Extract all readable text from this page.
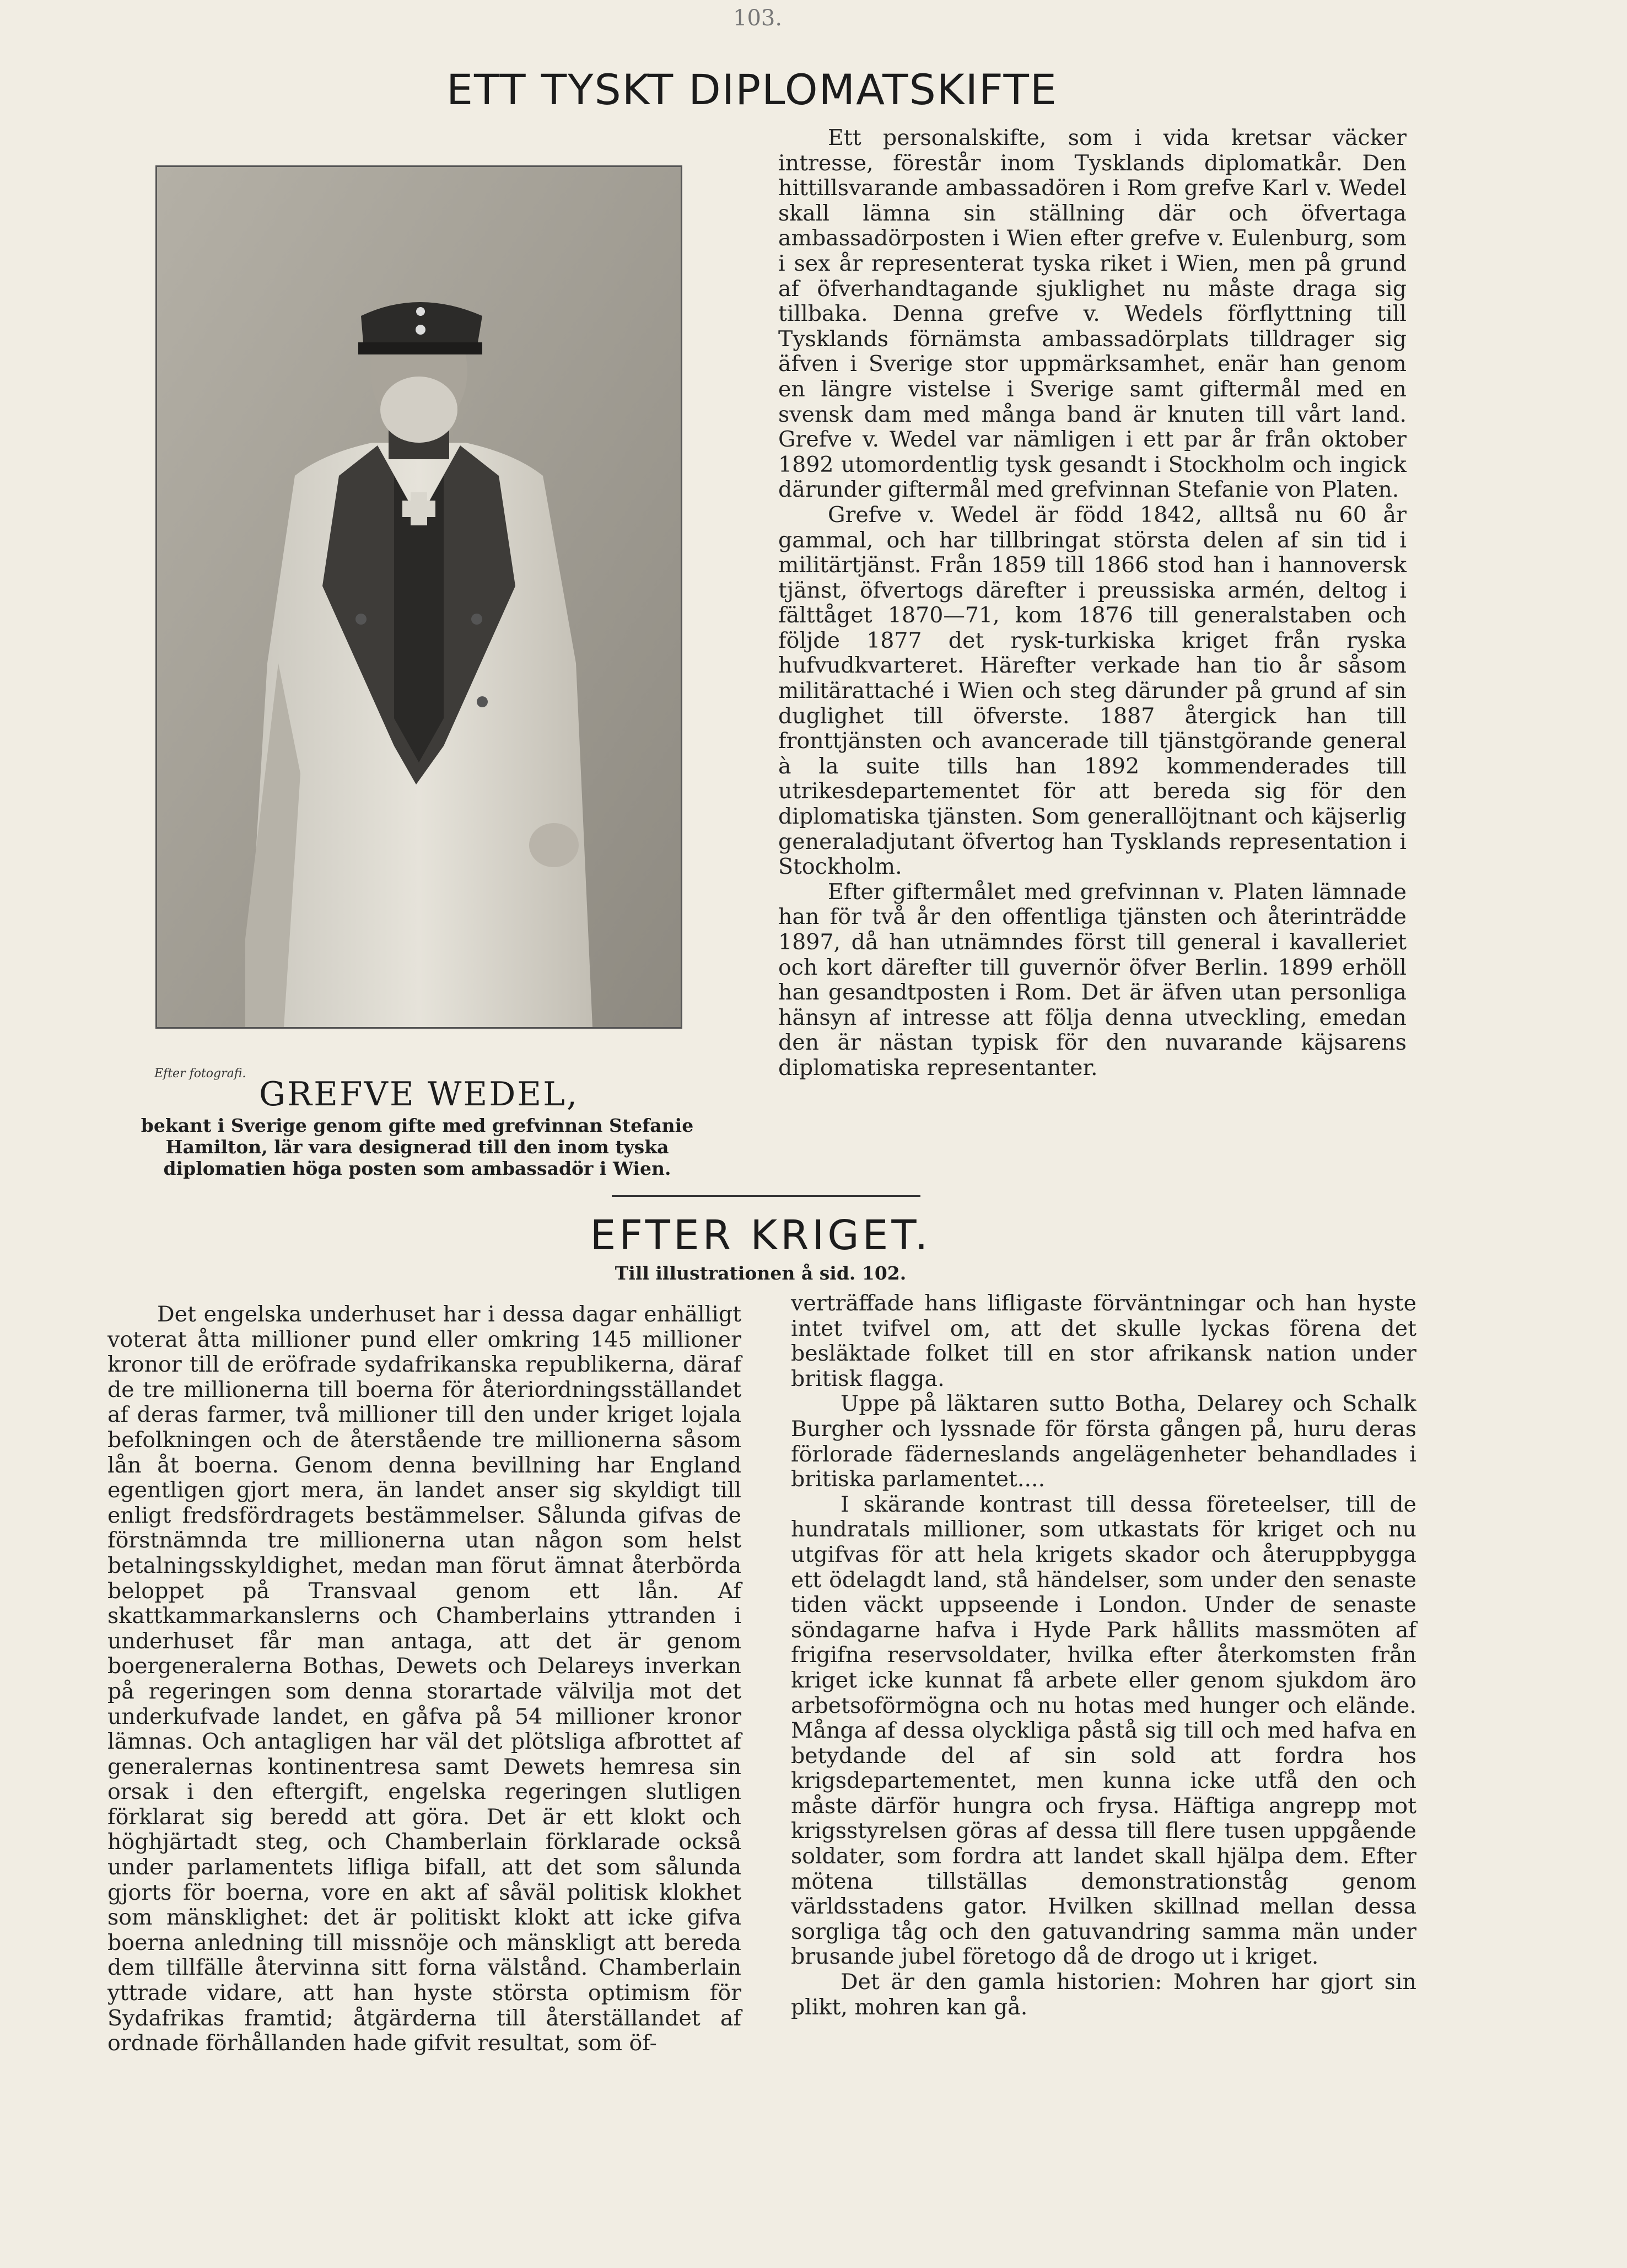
103.
ETT TYSKT DIPLOMATSKIFTE
Efter fotografi.
GREFVE WEDEL,
bekant i Sverige genom gifte med grefvinnan Stefanie Hamilton, lär vara designerad till den inom tyska diplomatien höga posten som ambassadör i Wien.

Ett personalskifte, som i vida kretsar väcker intresse, förestår inom Tysklands diplomatkår. Den hittillsvarande ambassadören i Rom grefve Karl v. Wedel skall lämna sin ställning där och öfvertaga ambassadörposten i Wien efter grefve v. Eulenburg, som i sex år representerat tyska riket i Wien, men på grund af öfverhandtagande sjuklighet nu måste draga sig tillbaka. Denna grefve v. Wedels förflyttning till Tysklands förnämsta ambassadörplats tilldrager sig äfven i Sverige stor uppmärksamhet, enär han genom en längre vistelse i Sverige samt giftermål med en svensk dam med många band är knuten till vårt land. Grefve v. Wedel var nämligen i ett par år från oktober 1892 utomordentlig tysk gesandt i Stockholm och ingick därunder giftermål med grefvinnan Stefanie von Platen.

Grefve v. Wedel är född 1842, alltså nu 60 år gammal, och har tillbringat största delen af sin tid i militärtjänst. Från 1859 till 1866 stod han i hannoversk tjänst, öfvertogs därefter i preussiska armén, deltog i fälttåget 1870—71, kom 1876 till generalstaben och följde 1877 det rysk-turkiska kriget från ryska hufvudkvarteret. Härefter verkade han tio år såsom militärattaché i Wien och steg därunder på grund af sin duglighet till öfverste. 1887 återgick han till fronttjänsten och avancerade till tjänstgörande general à la suite tills han 1892 kommenderades till utrikesdepartementet för att bereda sig för den diplomatiska tjänsten. Som generallöjtnant och käjserlig generaladjutant öfvertog han Tysklands representation i Stockholm.

Efter giftermålet med grefvinnan v. Platen lämnade han för två år den offentliga tjänsten och återinträdde 1897, då han utnämndes först till general i kavalleriet och kort därefter till guvernör öfver Berlin. 1899 erhöll han gesandtposten i Rom. Det är äfven utan personliga hänsyn af intresse att följa denna utveckling, emedan den är nästan typisk för den nuvarande käjsarens diplomatiska representanter.

EFTER KRIGET.
Till illustrationen å sid. 102.

Det engelska underhuset har i dessa dagar enhälligt voterat åtta millioner pund eller omkring 145 millioner kronor till de eröfrade sydafrikanska republikerna, däraf de tre millionerna till boerna för återiordningsställandet af deras farmer, två millioner till den under kriget lojala befolkningen och de återstående tre millionerna såsom lån åt boerna. Genom denna bevillning har England egentligen gjort mera, än landet anser sig skyldigt till enligt fredsfördragets bestämmelser. Sålunda gifvas de förstnämnda tre millionerna utan någon som helst betalningsskyldighet, medan man förut ämnat återbörda beloppet på Transvaal genom ett lån. Af skattkammarkanslerns och Chamberlains yttranden i underhuset får man antaga, att det är genom boergeneralerna Bothas, Dewets och Delareys inverkan på regeringen som denna storartade välvilja mot det underkufvade landet, en gåfva på 54 millioner kronor lämnas. Och antagligen har väl det plötsliga afbrottet af generalernas kontinentresa samt Dewets hemresa sin orsak i den eftergift, engelska regeringen slutligen förklarat sig beredd att göra. Det är ett klokt och höghjärtadt steg, och Chamberlain förklarade också under parlamentets lifliga bifall, att det som sålunda gjorts för boerna, vore en akt af såväl politisk klokhet som mänsklighet: det är politiskt klokt att icke gifva boerna anledning till missnöje och mänskligt att bereda dem tillfälle återvinna sitt forna välstånd. Chamberlain yttrade vidare, att han hyste största optimism för Sydafrikas framtid; åtgärderna till återställandet af ordnade förhållanden hade gifvit resultat, som öf-

verträffade hans lifligaste förväntningar och han hyste intet tvifvel om, att det skulle lyckas förena det besläktade folket till en stor afrikansk nation under britisk flagga.

Uppe på läktaren sutto Botha, Delarey och Schalk Burgher och lyssnade för första gången på, huru deras förlorade fäderneslands angelägenheter behandlades i britiska parlamentet....

I skärande kontrast till dessa företeelser, till de hundratals millioner, som utkastats för kriget och nu utgifvas för att hela krigets skador och återuppbygga ett ödelagdt land, stå händelser, som under den senaste tiden väckt uppseende i London. Under de senaste söndagarne hafva i Hyde Park hållits massmöten af frigifna reservsoldater, hvilka efter återkomsten från kriget icke kunnat få arbete eller genom sjukdom äro arbetsoförmögna och nu hotas med hunger och elände. Många af dessa olyckliga påstå sig till och med hafva en betydande del af sin sold att fordra hos krigsdepartementet, men kunna icke utfå den och måste därför hungra och frysa. Häftiga angrepp mot krigsstyrelsen göras af dessa till flere tusen uppgående soldater, som fordra att landet skall hjälpa dem. Efter mötena tillställas demonstrationståg genom världsstadens gator. Hvilken skillnad mellan dessa sorgliga tåg och den gatuvandring samma män under brusande jubel företogo då de drogo ut i kriget.

Det är den gamla historien: Mohren har gjort sin plikt, mohren kan gå.
